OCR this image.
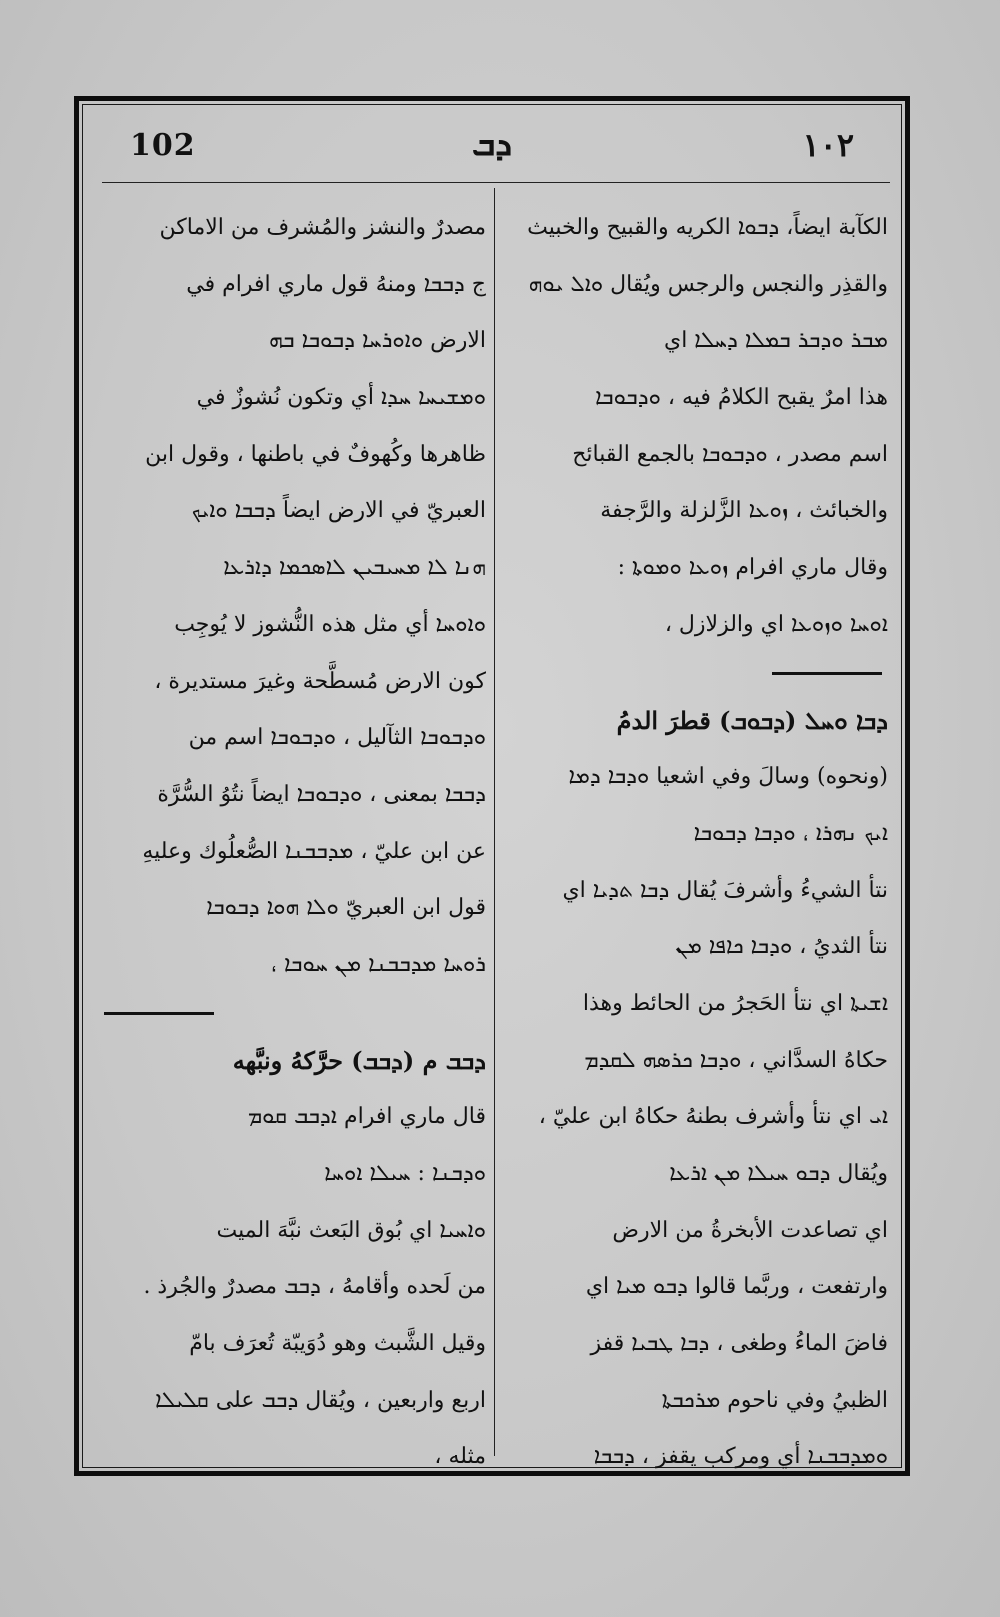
102	ܕܒ	١٠٢
الكآبة ايضاً، ܕܒܘܐ الكريه والقبيح والخبيث
والقذِر والنجس والرجس ويُقال ܘܐܠ ܝܘܗ
ܡܒܪ ܘܕܒܪ ܒܡܠܐ ܕܚܠܐ اي
هذا امرٌ يقبح الكلامُ فيه ، ܘܕܒܘܒܐ
اسم مصدر ، ܘܕܒܘܒܐ بالجمع القبائح
والخبائث ، ܙܘܥܐ الزَّلزلة والرَّجفة
وقال ماري افرام ܙܘܥܐ ܘܡܘܬܐ :
ܐܘܚܐ ܘܙܘܥܐ اي والزلازل ،
ܕܒܐ ܘܚܠ (ܕܒܘܒ) قطرَ الدمُ
(ونحوه) وسالَ وفي اشعيا ܘܕܒܐ ܕܡܐ
ܐܝܟ ܢܗܪܐ ، ܘܕܒܐ ܕܒܘܒܐ
نتأ الشيءُ وأشرفَ يُقال ܕܒܐ ܬܕܝܐ اي
نتأ الثديُ ، ܘܕܒܐ ܟܐܦܐ ܡܢ
ܐܫܝܬܐ اي نتأ الحَجرُ من الحائط وهذا
حكاهُ السدَّاني ، ܘܕܒܐ ܟܪܣܗ ܠܩܕܡ
ܐܝ اي نتأ وأشرف بطنهُ حكاهُ ابن عليّ ،
ويُقال ܕܒܘ ܚܝܠܐ ܡܢ ܐܪܥܐ
اي تصاعدت الأبخرةُ من الارض
وارتفعت ، وربَّما قالوا ܕܒܘ ܡܝܐ اي
فاضَ الماءُ وطغى ، ܕܒܐ ܛܒܝܐ قفز
الظبيُ وفي ناحوم ܡܪܟܒܬܐ
ܘܡܕܒܒܢܐ أي ومركب يقفز ، ܕܒܒܐ
مصدرٌ والنشز والمُشرف من الاماكن
ج ܕܒܒܐ ومنهُ قول ماري افرام في
الارض ܘܐܘܪܚܐ ܕܒܘܒܐ ܒܗ
ܘܡܫܝܚܐ ܚܕܐ أي وتكون نُشوزٌ في
ظاهرها وكُهوفٌ في باطنها ، وقول ابن
العبريّ في الارض ايضاً ܕܒܒܐ ܘܐܝܟ
ܗܢܐ ܠܐ ܡܚܝܒܝܢ ܠܐܣܟܡܐ ܕܐܪܥܐ
ܘܐܘܚܐ أي مثل هذه النُّشوز لا يُوجِب
كون الارض مُسطَّحة وغيرَ مستديرة ،
ܘܕܒܘܒܐ الثآليل ، ܘܕܒܘܒܐ اسم من
ܕܒܒܐ بمعنى ، ܘܕܒܘܒܐ ايضاً نتُوُ السُّرَّة
عن ابن عليّ ، ܡܕܒܒܢܐ الصُّعلُوك وعليهِ
قول ابن العبريّ ܘܠܐ ܗܘܐ ܕܒܘܒܐ
ܪܘܚܐ ܡܕܒܒܢܐ ܡܢ ܚܘܒܐ ،
ܕܒܒ م (ܕܒܒ) حرَّكهُ ونبَّهه
قال ماري افرام ܐܕܒܒ ܩܘܡ
ܘܕܒܢܐ : ܚܝܠܐ ܐܘܚܐ
ܘܐܚܝܐ اي بُوق البَعث نبَّهَ الميت
من لَحده وأقامهُ ، ܕܒܒ مصدرٌ والجُرذ .
وقيل الشَّبث وهو دُوَيبّة تُعرَف بامّ
اربع واربعين ، ويُقال ܕܒܒ على ܩܠܝܠܐ
مثله ،
